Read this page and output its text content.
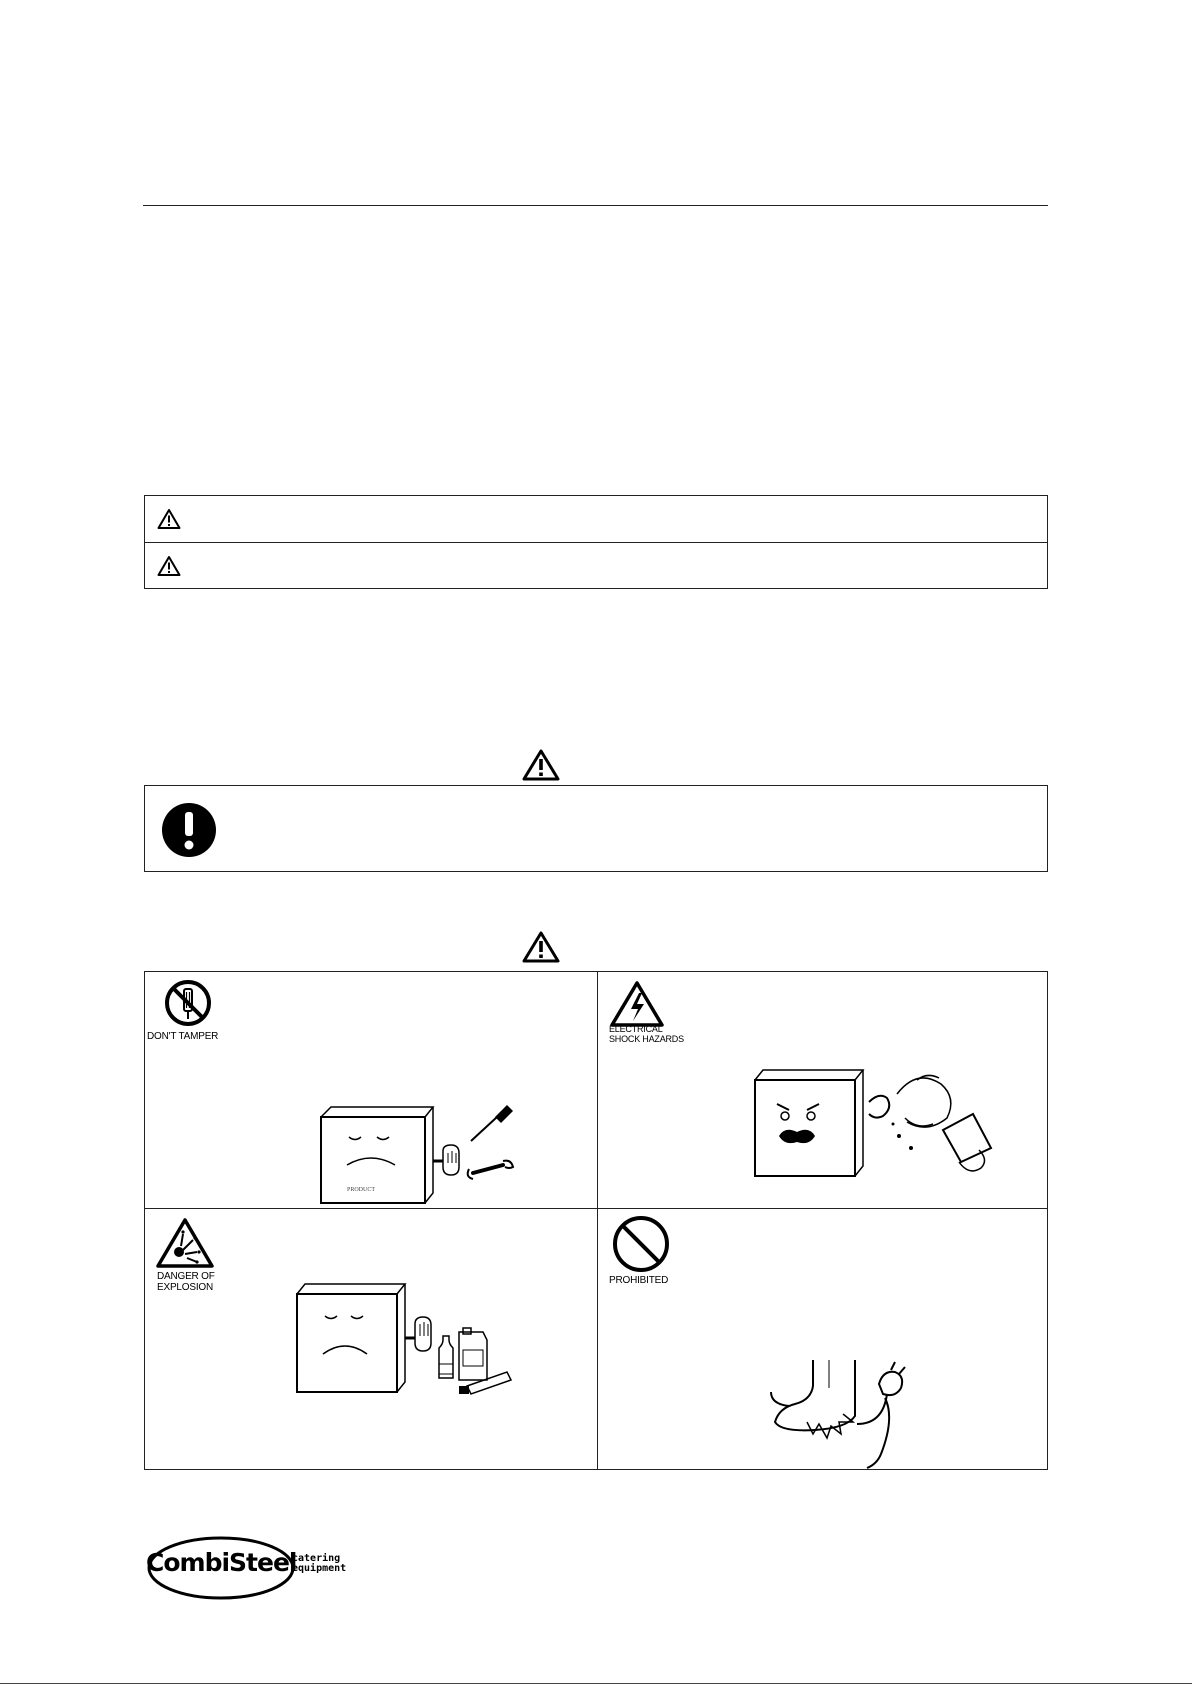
DON'T TAMPER
PRODUCT
ELECTRICAL
SHOCK HAZARDS
DANGER OF
EXPLOSION
PROHIBITED
CombiSteel
catering
equipment
